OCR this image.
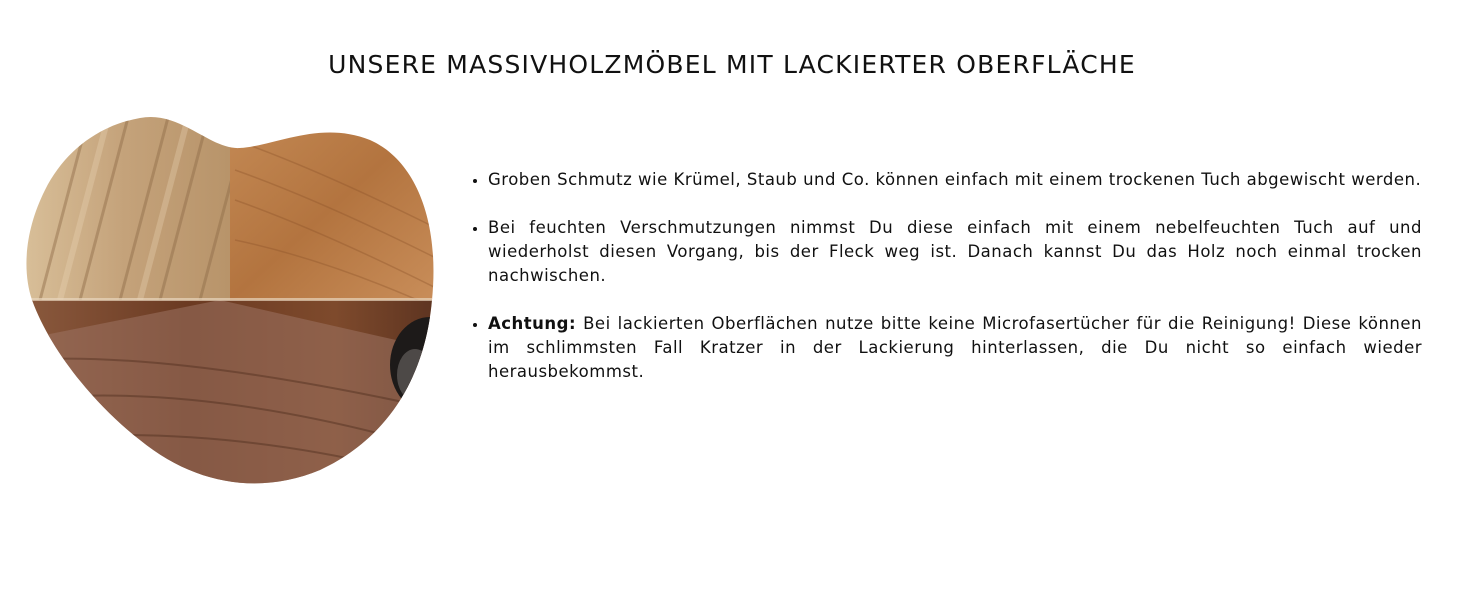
UNSERE MASSIVHOLZMÖBEL MIT LACKIERTER OBERFLÄCHE
• Groben Schmutz wie Krümel, Staub und Co. können einfach mit einem trockenen Tuch abgewischt werden.
• Bei feuchten Verschmutzungen nimmst Du diese einfach mit einem nebelfeuchten Tuch auf und wiederholst diesen Vorgang, bis der Fleck weg ist. Danach kannst Du das Holz noch einmal trocken nachwischen.
• Achtung: Bei lackierten Oberflächen nutze bitte keine Microfasertücher für die Reinigung! Diese können im schlimmsten Fall Kratzer in der Lackierung hinterlassen, die Du nicht so einfach wieder herausbekommst.
